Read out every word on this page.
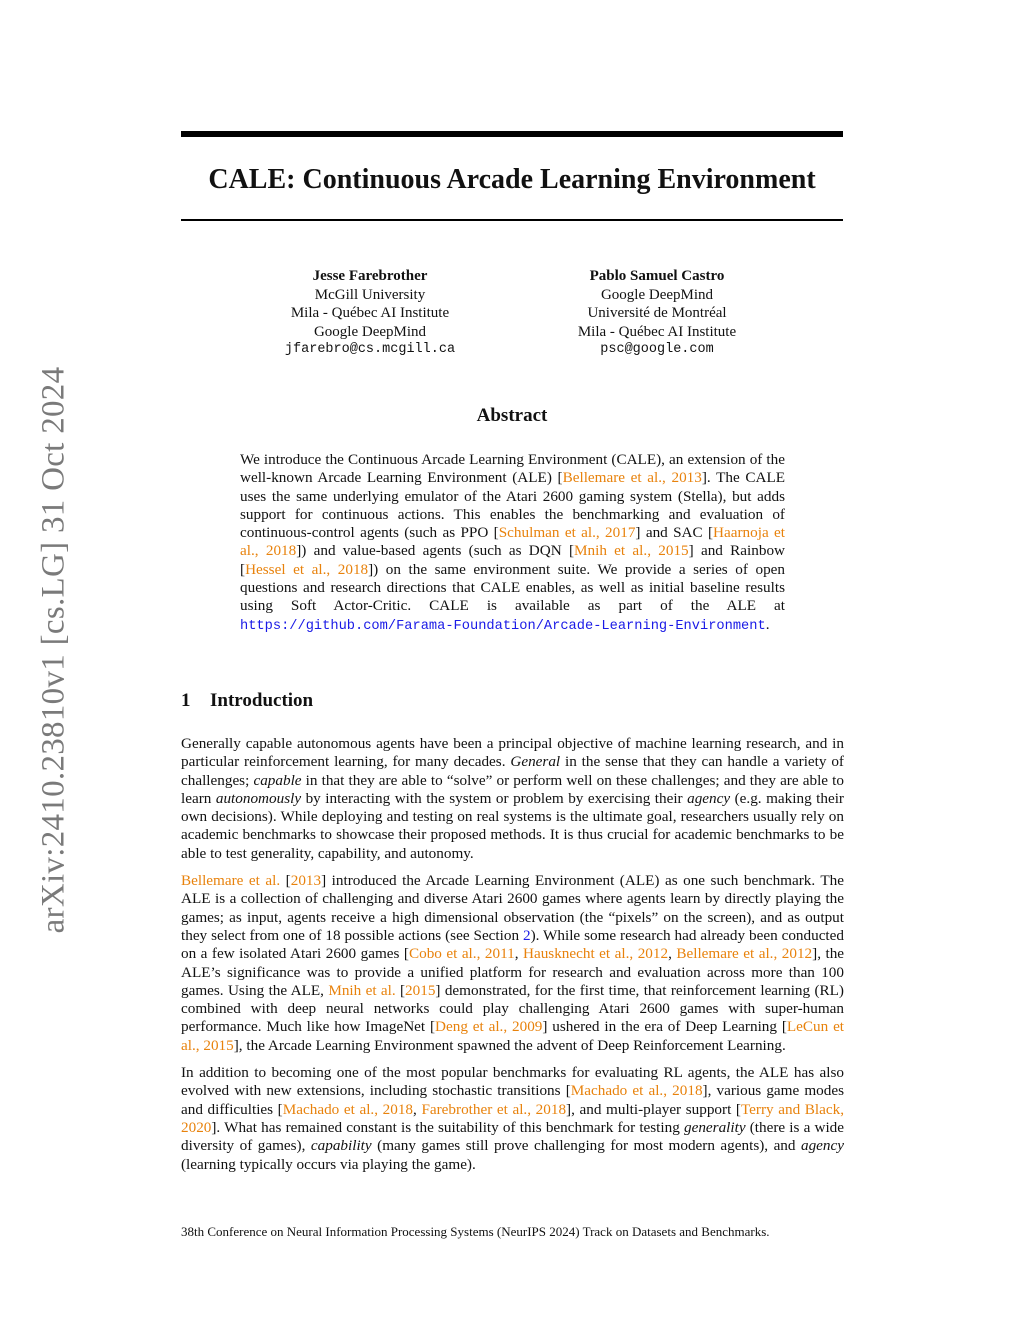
arXiv:2410.23810v1 [cs.LG] 31 Oct 2024
CALE: Continuous Arcade Learning Environment
Jesse Farebrother
McGill University
Mila - Québec AI Institute
Google DeepMind
jfarebro@cs.mcgill.ca
Pablo Samuel Castro
Google DeepMind
Université de Montréal
Mila - Québec AI Institute
psc@google.com
Abstract
We introduce the Continuous Arcade Learning Environment (CALE), an extension of the well-known Arcade Learning Environment (ALE) [Bellemare et al., 2013]. The CALE uses the same underlying emulator of the Atari 2600 gaming system (Stella), but adds support for continuous actions. This enables the benchmarking and evaluation of continuous-control agents (such as PPO [Schulman et al., 2017] and SAC [Haarnoja et al., 2018]) and value-based agents (such as DQN [Mnih et al., 2015] and Rainbow [Hessel et al., 2018]) on the same environment suite. We provide a series of open questions and research directions that CALE enables, as well as initial baseline results using Soft Actor-Critic. CALE is available as part of the ALE at https://github.com/Farama-Foundation/Arcade-Learning-Environment.
1 Introduction

Generally capable autonomous agents have been a principal objective of machine learning research, and in particular reinforcement learning, for many decades. General in the sense that they can handle a variety of challenges; capable in that they are able to “solve” or perform well on these challenges; and they are able to learn autonomously by interacting with the system or problem by exercising their agency (e.g. making their own decisions). While deploying and testing on real systems is the ultimate goal, researchers usually rely on academic benchmarks to showcase their proposed methods. It is thus crucial for academic benchmarks to be able to test generality, capability, and autonomy.

Bellemare et al. [2013] introduced the Arcade Learning Environment (ALE) as one such benchmark. The ALE is a collection of challenging and diverse Atari 2600 games where agents learn by directly playing the games; as input, agents receive a high dimensional observation (the “pixels” on the screen), and as output they select from one of 18 possible actions (see Section 2). While some research had already been conducted on a few isolated Atari 2600 games [Cobo et al., 2011, Hausknecht et al., 2012, Bellemare et al., 2012], the ALE’s significance was to provide a unified platform for research and evaluation across more than 100 games. Using the ALE, Mnih et al. [2015] demonstrated, for the first time, that reinforcement learning (RL) combined with deep neural networks could play challenging Atari 2600 games with super-human performance. Much like how ImageNet [Deng et al., 2009] ushered in the era of Deep Learning [LeCun et al., 2015], the Arcade Learning Environment spawned the advent of Deep Reinforcement Learning.

In addition to becoming one of the most popular benchmarks for evaluating RL agents, the ALE has also evolved with new extensions, including stochastic transitions [Machado et al., 2018], various game modes and difficulties [Machado et al., 2018, Farebrother et al., 2018], and multi-player support [Terry and Black, 2020]. What has remained constant is the suitability of this benchmark for testing generality (there is a wide diversity of games), capability (many games still prove challenging for most modern agents), and agency (learning typically occurs via playing the game).

38th Conference on Neural Information Processing Systems (NeurIPS 2024) Track on Datasets and Benchmarks.
